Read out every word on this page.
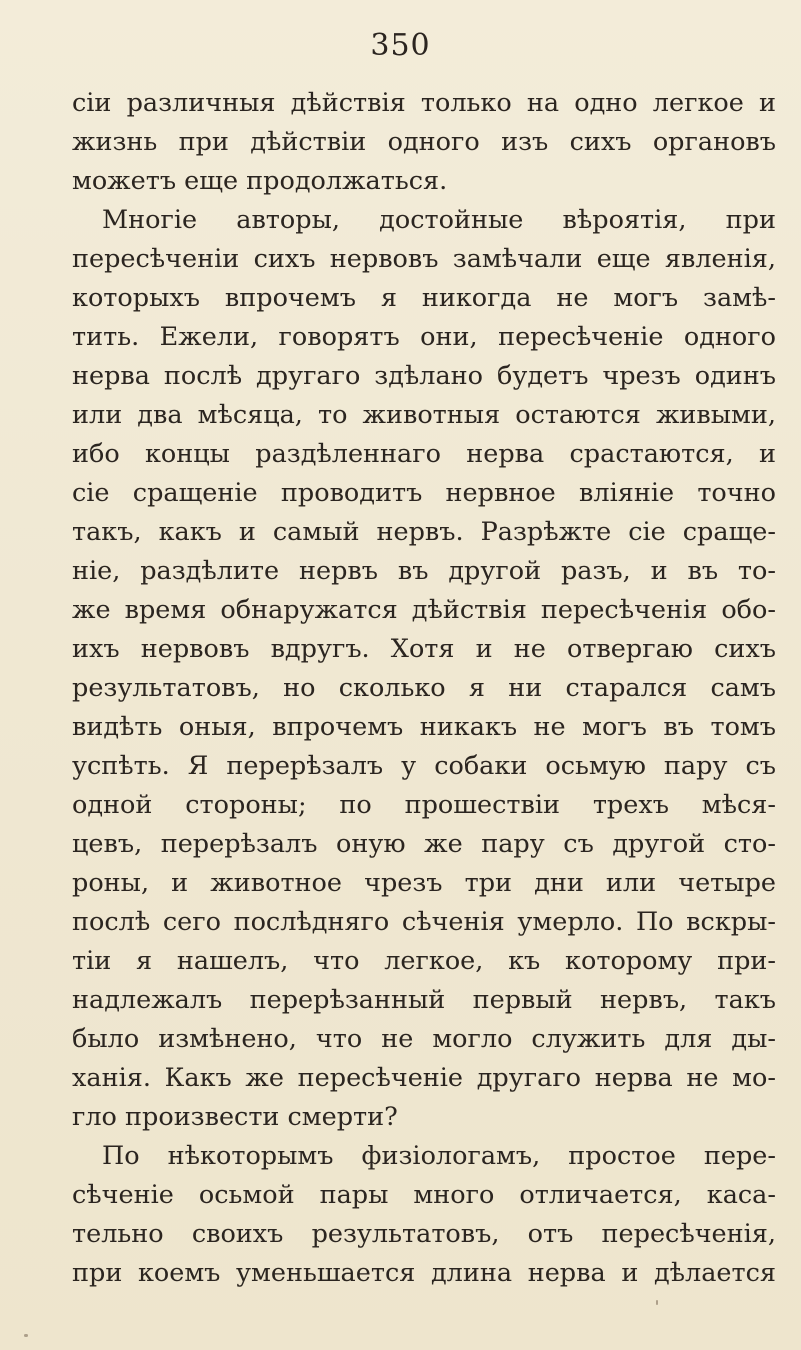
350
сіи различныя дѣйствія только на одно легкое и
жизнь при дѣйствіи одного изъ сихъ органовъ
можетъ еще продолжаться.
Многіе авторы, достойные вѣроятія, при
пересѣченіи сихъ нервовъ замѣчали еще явленія,
которыхъ впрочемъ я никогда не могъ замѣ-
тить. Ежели, говорятъ они, пересѣченіе одного
нерва послѣ другаго здѣлано будетъ чрезъ одинъ
или два мѣсяца, то животныя остаются живыми,
ибо концы раздѣленнаго нерва срастаются, и
сіе сращеніе проводитъ нервное вліяніе точно
такъ, какъ и самый нервъ. Разрѣжте сіе сраще-
ніе, раздѣлите нервъ въ другой разъ, и въ то-
же время обнаружатся дѣйствія пересѣченія обо-
ихъ нервовъ вдругъ. Хотя и не отвергаю сихъ
результатовъ, но сколько я ни старался самъ
видѣть оныя, впрочемъ никакъ не могъ въ томъ
успѣть. Я перерѣзалъ у собаки осьмую пару съ
одной стороны; по прошествіи трехъ мѣся-
цевъ, перерѣзалъ оную же пару съ другой сто-
роны, и животное чрезъ три дни или четыре
послѣ сего послѣдняго сѣченія умерло. По вскры-
тіи я нашелъ, что легкое, къ которому при-
надлежалъ перерѣзанный первый нервъ, такъ
было измѣнено, что не могло служить для ды-
ханія. Какъ же пересѣченіе другаго нерва не мо-
гло произвести смерти?
По нѣкоторымъ физіологамъ, простое пере-
сѣченіе осьмой пары много отличается, каса-
тельно своихъ результатовъ, отъ пересѣченія,
при коемъ уменьшается длина нерва и дѣлается
